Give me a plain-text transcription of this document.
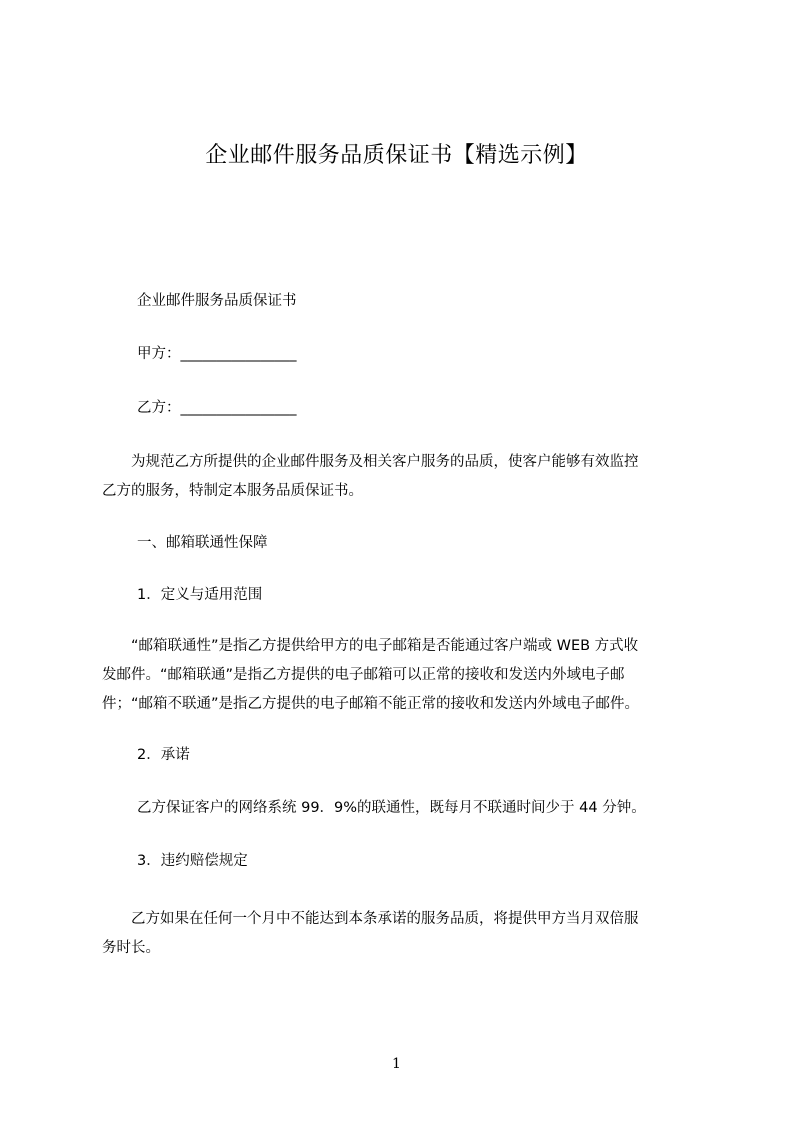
企业邮件服务品质保证书【精选示例】
企业邮件服务品质保证书
甲方：________________
乙方：________________
　　为规范乙方所提供的企业邮件服务及相关客户服务的品质，使客户能够有效监控
乙方的服务，特制定本服务品质保证书。
一、邮箱联通性保障
1．定义与适用范围
　　“邮箱联通性”是指乙方提供给甲方的电子邮箱是否能通过客户端或 WEB 方式收
发邮件。“邮箱联通”是指乙方提供的电子邮箱可以正常的接收和发送内外域电子邮
件；“邮箱不联通”是指乙方提供的电子邮箱不能正常的接收和发送内外域电子邮件。
2．承诺
乙方保证客户的网络系统 99．9%的联通性，既每月不联通时间少于 44 分钟。
3．违约赔偿规定
　　乙方如果在任何一个月中不能达到本条承诺的服务品质，将提供甲方当月双倍服
务时长。
1
